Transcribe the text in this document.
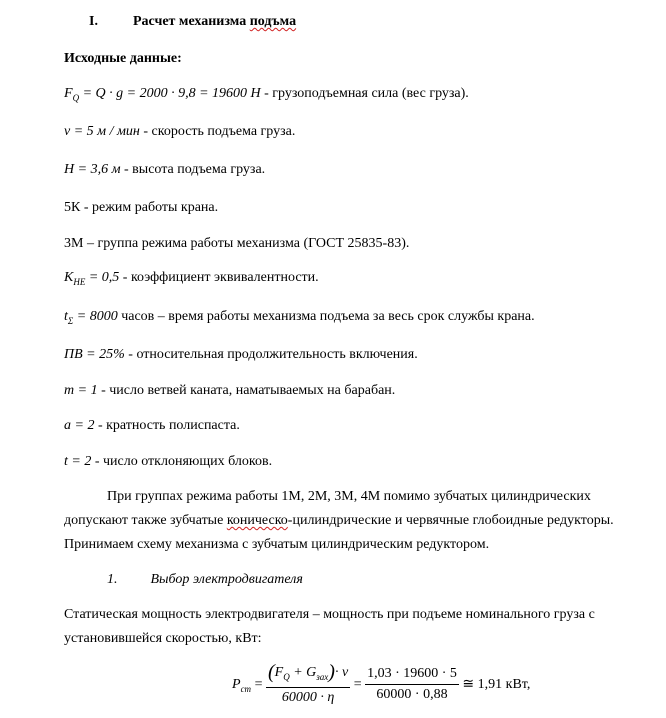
I.	Расчет механизма подъма
Исходные данные:
$F_Q = Q \cdot g = 2000 \cdot 9,8 = 19600$ Н - грузоподъемная сила (вес груза).
v = 5 м / мин - скорость подъема груза.
H = 3,6 м - высота подъема груза.
5К - режим работы крана.
3М – группа режима работы механизма (ГОСТ 25835-83).
$K_{НЕ} = 0,5$ - коэффициент эквивалентности.
$t_\Sigma = 8000$ часов – время работы механизма подъема за весь срок службы крана.
ПВ = 25% - относительная продолжительность включения.
m = 1 - число ветвей каната, наматываемых на барабан.
a = 2 - кратность полиспаста.
t = 2 - число отклоняющих блоков.
При группах режима работы 1М, 2М, 3М, 4М помимо зубчатых цилиндрических
допускают также зубчатые коническо-цилиндрические и червячные глобоидные редукторы.
Принимаем схему механизма с зубчатым цилиндрическим редуктором.
1. Выбор электродвигателя
Статическая мощность электродвигателя – мощность при подъеме номинального груза с
установившейся скоростью, кВт:
$P_{ст} = \frac{(F_Q + G_{зах})\cdot v}{60000 \cdot \eta} = \frac{1,03 \cdot 19600 \cdot 5}{60000 \cdot 0,88}$ ≅ 1,91 кВт,
